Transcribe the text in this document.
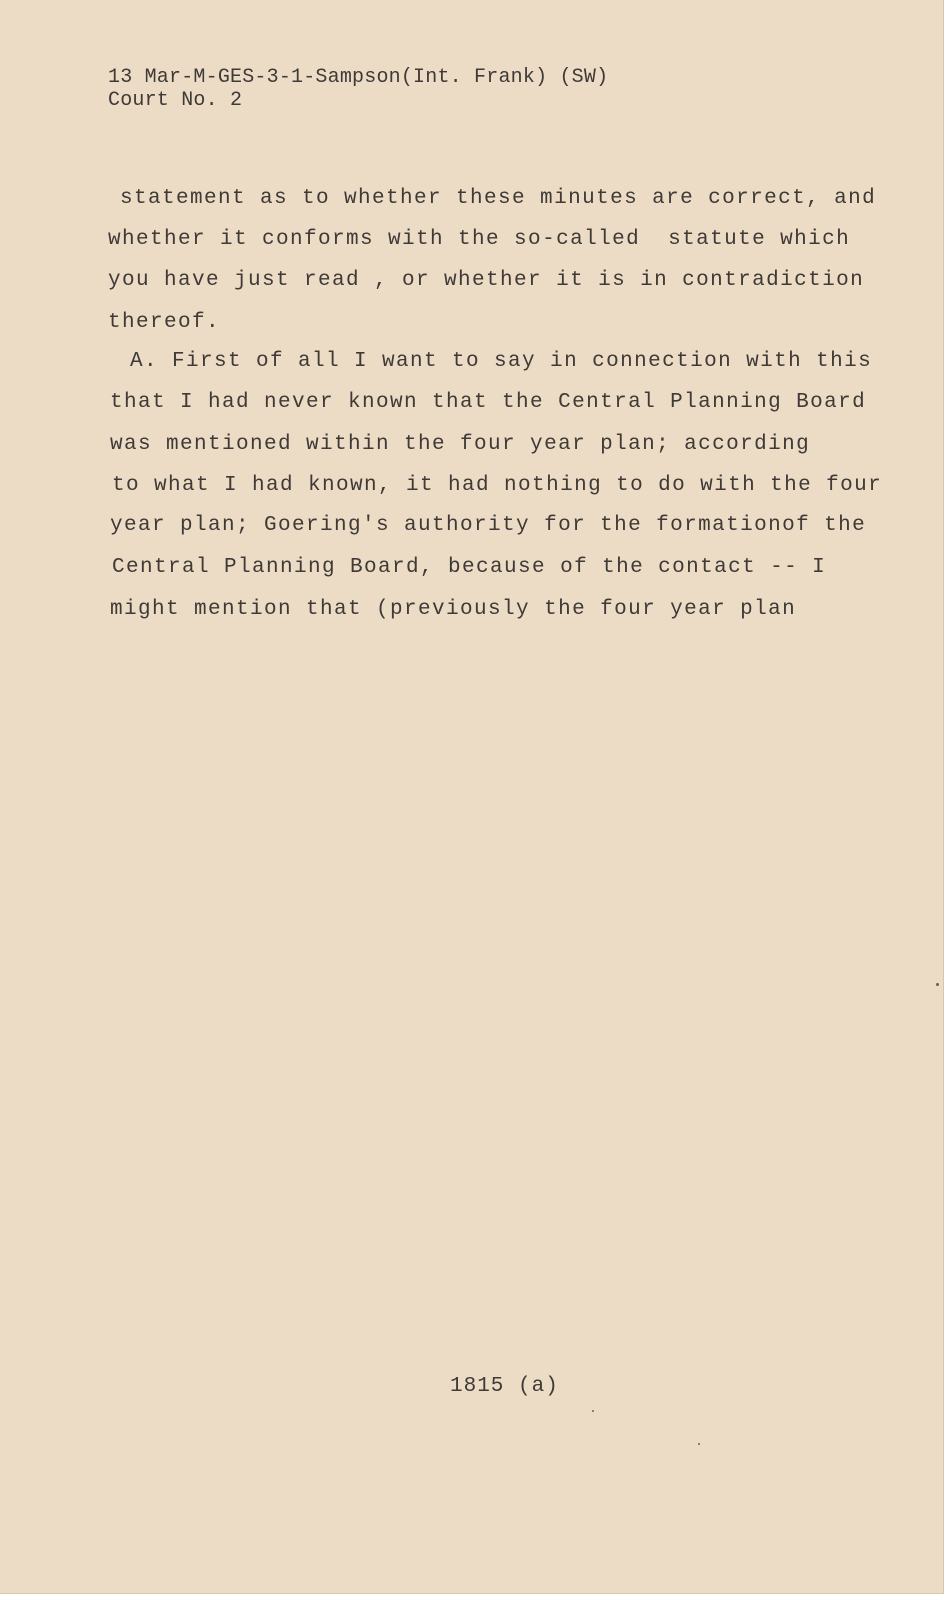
13 Mar-M-GES-3-1-Sampson(Int. Frank) (SW)
Court No. 2
statement as to whether these minutes are correct, and
whether it conforms with the so-called  statute which
you have just read , or whether it is in contradiction
thereof.
A. First of all I want to say in connection with this
that I had never known that the Central Planning Board
was mentioned within the four year plan; according
to what I had known, it had nothing to do with the four
year plan; Goering's authority for the formationof the
Central Planning Board, because of the contact -- I
might mention that (previously the four year plan
1815 (a)
